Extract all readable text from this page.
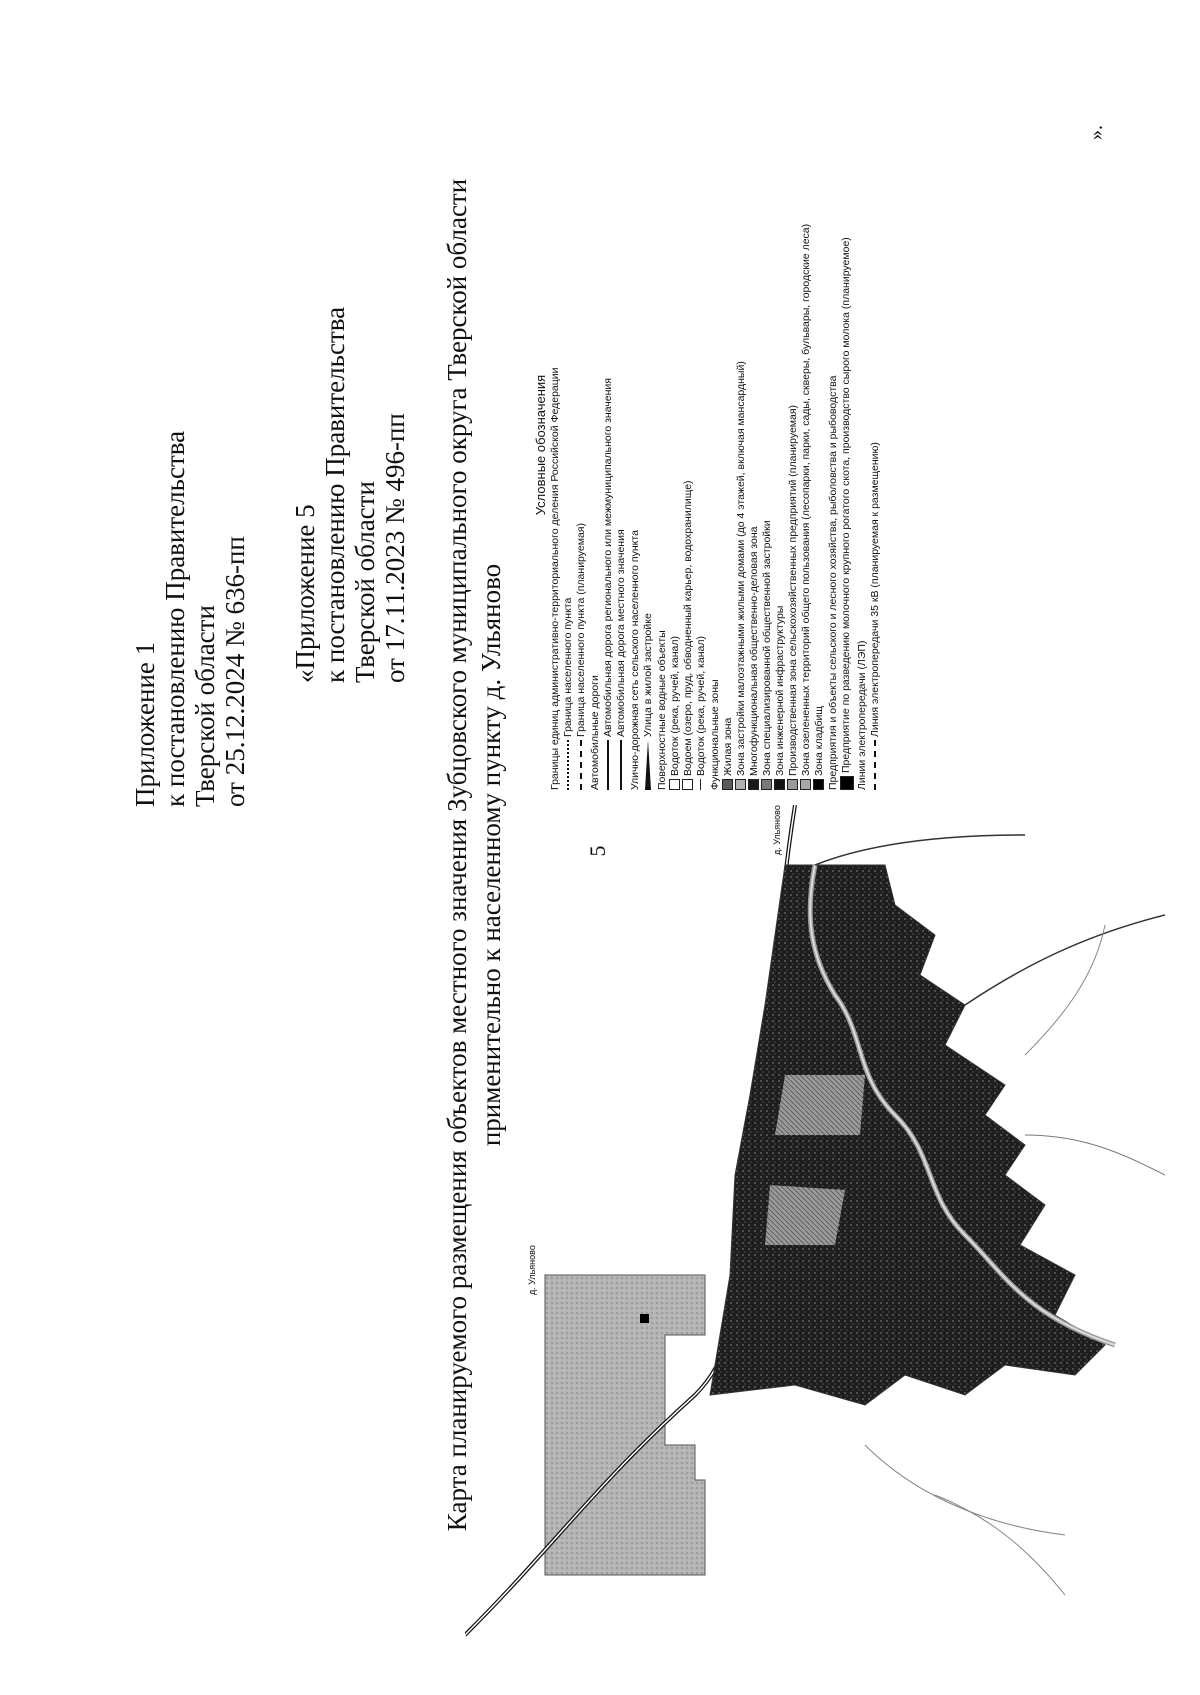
5
Приложение 1 к постановлению Правительства Тверской области от 25.12.2024 № 636-пп «Приложение 5 к постановлению Правительства Тверской области от 17.11.2023 № 496-пп Карта планируемого размещения объектов местного значения Зубцовского муниципального округа Тверской области применительно к населенному пункту д. Ульяново
д. Ульяново
д. Ульяново
Условные обозначения Границы единиц административно-территориального деления Российской Федерации Граница населенного пункта Граница населенного пункта (планируемая) Автомобильные дороги Автомобильная дорога регионального или межмуниципального значения Автомобильная дорога местного значения Улично-дорожная сеть сельского населенного пункта Улица в жилой застройке Поверхностные водные объекты Водоток (река, ручей, канал) Водоем (озеро, пруд, обводненный карьер, водохранилище) Водоток (река, ручей, канал) Функциональные зоны Жилая зона Зона застройки малоэтажными жилыми домами (до 4 этажей, включая мансардный) Многофункциональная общественно-деловая зона Зона специализированной общественной застройки Зона инженерной инфраструктуры Производственная зона сельскохозяйственных предприятий (планируемая) Зона озелененных территорий общего пользования (лесопарки, парки, сады, скверы, бульвары, городские леса) Зона кладбищ Предприятия и объекты сельского и лесного хозяйства, рыболовства и рыбоводства Предприятие по разведению молочного крупного рогатого скота, производство сырого молока (планируемое) Линии электропередачи (ЛЭП) Линия электропередачи 35 кВ (планируемая к размещению)
».
